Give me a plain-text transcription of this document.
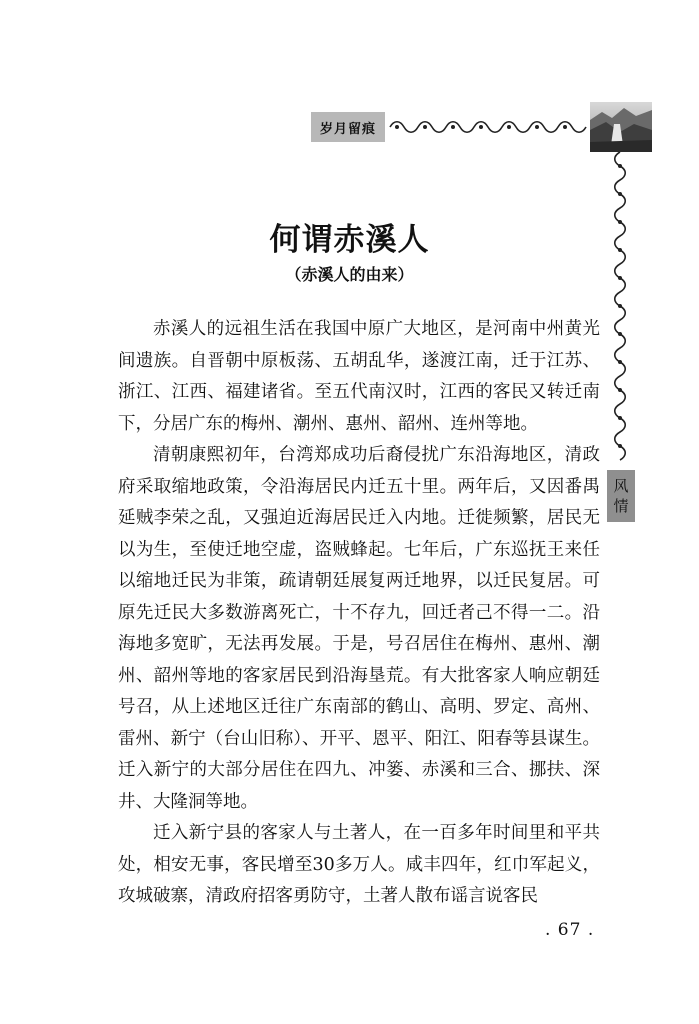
岁月留痕
风
情
何谓赤溪人
（赤溪人的由来）

赤溪人的远祖生活在我国中原广大地区，是河南中州黄光间遗族。自晋朝中原板荡、五胡乱华，遂渡江南，迁于江苏、浙江、江西、福建诸省。至五代南汉时，江西的客民又转迁南下，分居广东的梅州、潮州、惠州、韶州、连州等地。

清朝康熙初年，台湾郑成功后裔侵扰广东沿海地区，清政府采取缩地政策，令沿海居民内迁五十里。两年后，又因番禺延贼李荣之乱，又强迫近海居民迁入内地。迁徙频繁，居民无以为生，至使迁地空虚，盗贼蜂起。七年后，广东巡抚王来任以缩地迁民为非策，疏请朝廷展复两迁地界，以迁民复居。可原先迁民大多数游离死亡，十不存九，回迁者己不得一二。沿海地多宽旷，无法再发展。于是，号召居住在梅州、惠州、潮州、韶州等地的客家居民到沿海垦荒。有大批客家人响应朝廷号召，从上述地区迁往广东南部的鹤山、高明、罗定、高州、雷州、新宁（台山旧称）、开平、恩平、阳江、阳春等县谋生。迁入新宁的大部分居住在四九、冲篓、赤溪和三合、挪扶、深井、大隆洞等地。

迁入新宁县的客家人与土著人，在一百多年时间里和平共处，相安无事，客民增至30多万人。咸丰四年，红巾军起义，攻城破寨，清政府招客勇防守，土著人散布谣言说客民

. 67 .
